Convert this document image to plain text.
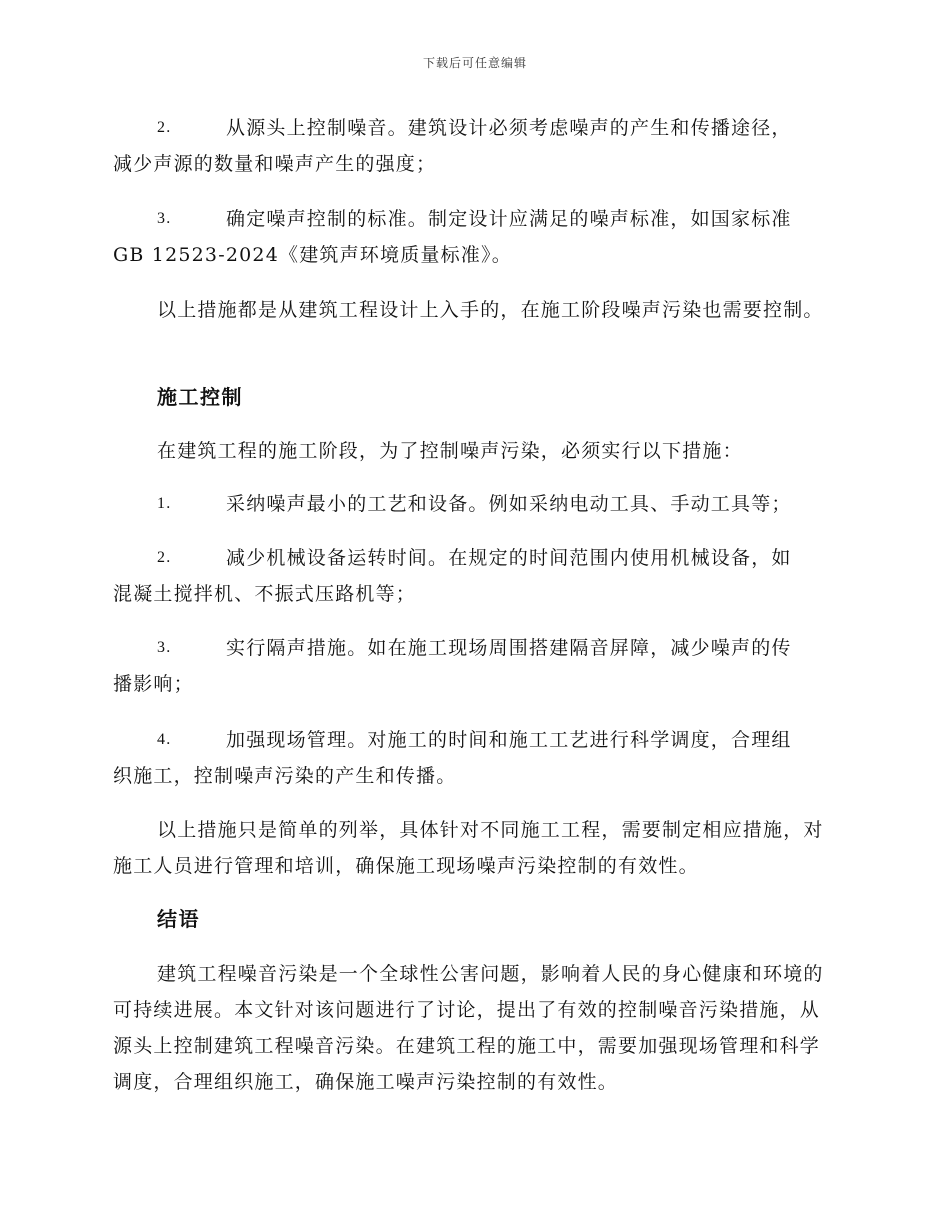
下载后可任意编辑
2.	从源头上控制噪音。建筑设计必须考虑噪声的产生和传播途径，
减少声源的数量和噪声产生的强度；
3.	确定噪声控制的标准。制定设计应满足的噪声标准，如国家标准
GB 12523-2024《建筑声环境质量标准》。
以上措施都是从建筑工程设计上入手的，在施工阶段噪声污染也需要控制。
施工控制
在建筑工程的施工阶段，为了控制噪声污染，必须实行以下措施：
1.	采纳噪声最小的工艺和设备。例如采纳电动工具、手动工具等；
2.	减少机械设备运转时间。在规定的时间范围内使用机械设备，如
混凝土搅拌机、不振式压路机等；
3.	实行隔声措施。如在施工现场周围搭建隔音屏障，减少噪声的传
播影响；
4.	加强现场管理。对施工的时间和施工工艺进行科学调度，合理组
织施工，控制噪声污染的产生和传播。
以上措施只是简单的列举，具体针对不同施工工程，需要制定相应措施，对施工人员进行管理和培训，确保施工现场噪声污染控制的有效性。
结语
建筑工程噪音污染是一个全球性公害问题，影响着人民的身心健康和环境的可持续进展。本文针对该问题进行了讨论，提出了有效的控制噪音污染措施，从源头上控制建筑工程噪音污染。在建筑工程的施工中，需要加强现场管理和科学调度，合理组织施工，确保施工噪声污染控制的有效性。
